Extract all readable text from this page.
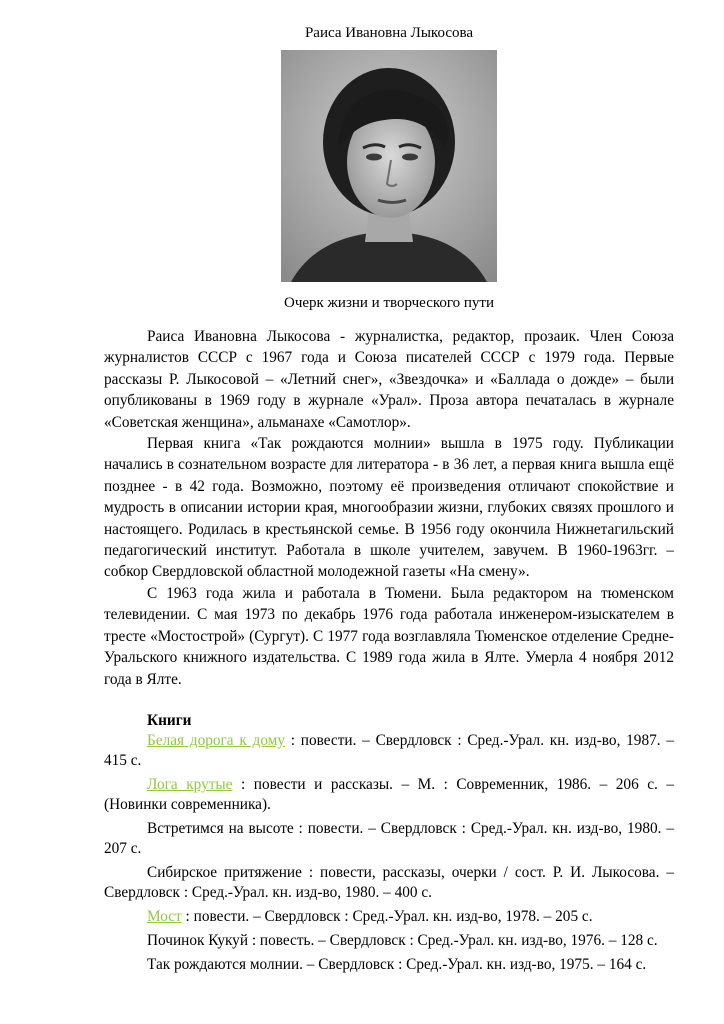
Раиса Ивановна Лыкосова
Очерк жизни и творческого пути

Раиса Ивановна Лыкосова - журналистка, редактор, прозаик. Член Союза журналистов СССР с 1967 года и Союза писателей СССР с 1979 года. Первые рассказы Р. Лыкосовой – «Летний снег», «Звездочка» и «Баллада о дожде» – были опубликованы в 1969 году в журнале «Урал». Проза автора печаталась в журнале «Советская женщина», альманахе «Самотлор».

Первая книга «Так рождаются молнии» вышла в 1975 году. Публикации начались в сознательном возрасте для литератора - в 36 лет, а первая книга вышла ещё позднее - в 42 года. Возможно, поэтому её произведения отличают спокойствие и мудрость в описании истории края, многообразии жизни, глубоких связях прошлого и настоящего. Родилась в крестьянской семье. В 1956 году окончила Нижнетагильский педагогический институт. Работала в школе учителем, завучем. В 1960-1963гг. – собкор Свердловской областной молодежной газеты «На смену».

С 1963 года жила и работала в Тюмени. Была редактором на тюменском телевидении. С мая 1973 по декабрь 1976 года работала инженером-изыскателем в тресте «Мостострой» (Сургут). С 1977 года возглавляла Тюменское отделение Средне-Уральского книжного издательства. С 1989 года жила в Ялте. Умерла 4 ноября 2012 года в Ялте.

Книги

Белая дорога к дому : повести. – Свердловск : Сред.-Урал. кн. изд-во, 1987. – 415 с.

Лога крутые : повести и рассказы. – М. : Современник, 1986. – 206 с. – (Новинки современника).

Встретимся на высоте : повести. – Свердловск : Сред.-Урал. кн. изд-во, 1980. – 207 с.

Сибирское притяжение : повести, рассказы, очерки / сост. Р. И. Лыкосова. – Свердловск : Сред.-Урал. кн. изд-во, 1980. – 400 с.

Мост : повести. – Свердловск : Сред.-Урал. кн. изд-во, 1978. – 205 с.

Починок Кукуй : повесть. – Свердловск : Сред.-Урал. кн. изд-во, 1976. – 128 с.

Так рождаются молнии. – Свердловск : Сред.-Урал. кн. изд-во, 1975. – 164 с.
